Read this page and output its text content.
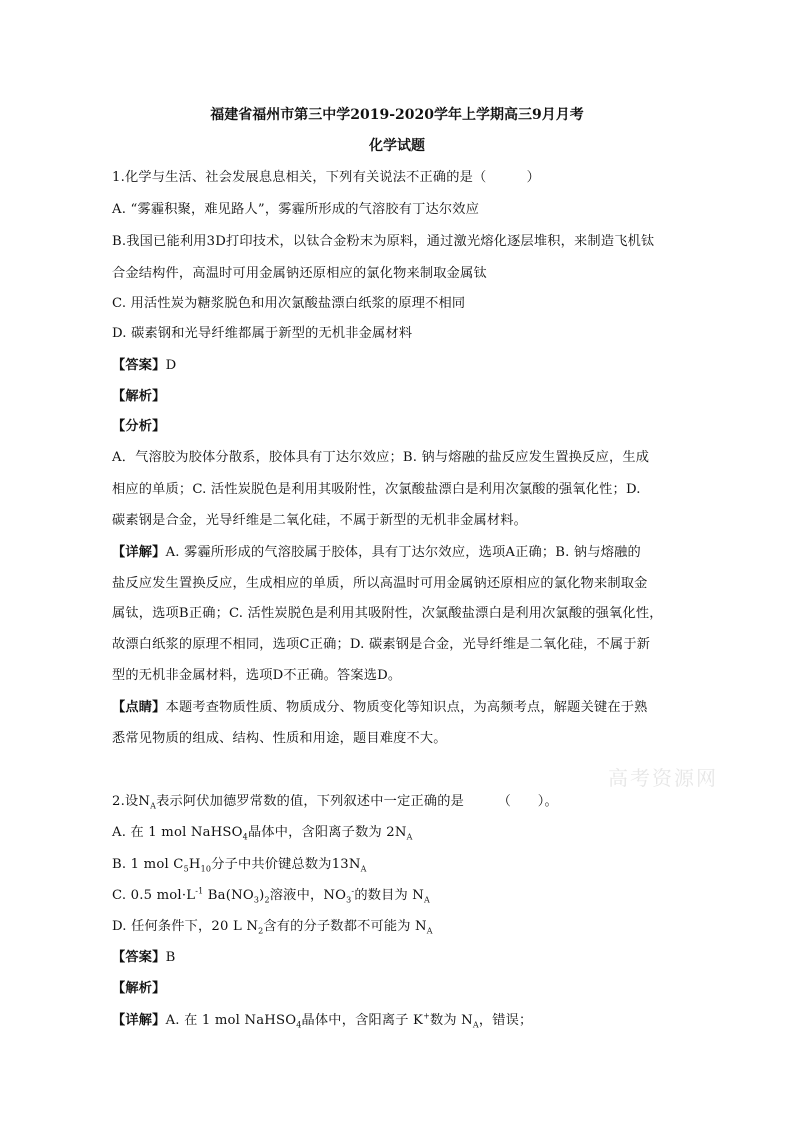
福建省福州市第三中学2019-2020学年上学期高三9月月考
化学试题
1.化学与生活、社会发展息息相关，下列有关说法不正确的是（　　　）
A. “雾霾积聚，难见路人”，雾霾所形成的气溶胶有丁达尔效应
B.我国已能利用3D打印技术，以钛合金粉末为原料，通过激光熔化逐层堆积，来制造飞机钛
合金结构件，高温时可用金属钠还原相应的氯化物来制取金属钛
C. 用活性炭为糖浆脱色和用次氯酸盐漂白纸浆的原理不相同
D. 碳素钢和光导纤维都属于新型的无机非金属材料
【答案】D
【解析】
【分析】
A．气溶胶为胶体分散系，胶体具有丁达尔效应；B. 钠与熔融的盐反应发生置换反应，生成
相应的单质；C. 活性炭脱色是利用其吸附性，次氯酸盐漂白是利用次氯酸的强氧化性；D.
碳素钢是合金，光导纤维是二氧化硅，不属于新型的无机非金属材料。
【详解】A. 雾霾所形成的气溶胶属于胶体，具有丁达尔效应，选项A正确；B. 钠与熔融的
盐反应发生置换反应，生成相应的单质，所以高温时可用金属钠还原相应的氯化物来制取金
属钛，选项B正确；C. 活性炭脱色是利用其吸附性，次氯酸盐漂白是利用次氯酸的强氧化性，
故漂白纸浆的原理不相同，选项C正确；D. 碳素钢是合金，光导纤维是二氧化硅，不属于新
型的无机非金属材料，选项D不正确。答案选D。
【点睛】本题考查物质性质、物质成分、物质变化等知识点，为高频考点，解题关键在于熟
悉常见物质的组成、结构、性质和用途，题目难度不大。
高考资源网
2.设$N_A$表示阿伏加德罗常数的值，下列叙述中一定正确的是　　　（　　）。
A. 在 1 mol NaHSO$_4$晶体中，含阳离子数为 $2N_A$
B. 1 mol $C_5H_{10}$分子中共价键总数为$13N_A$
C. 0.5 $mol\cdot L^{-1}$ $Ba(NO_3)_2$溶液中，$NO_3^-$的数目为 $N_A$
D. 任何条件下，20 L $N_2$含有的分子数都不可能为 $N_A$
【答案】B
【解析】
【详解】A. 在 1 mol NaHSO$_4$晶体中，含阳离子 K+数为 $N_A$，错误；
